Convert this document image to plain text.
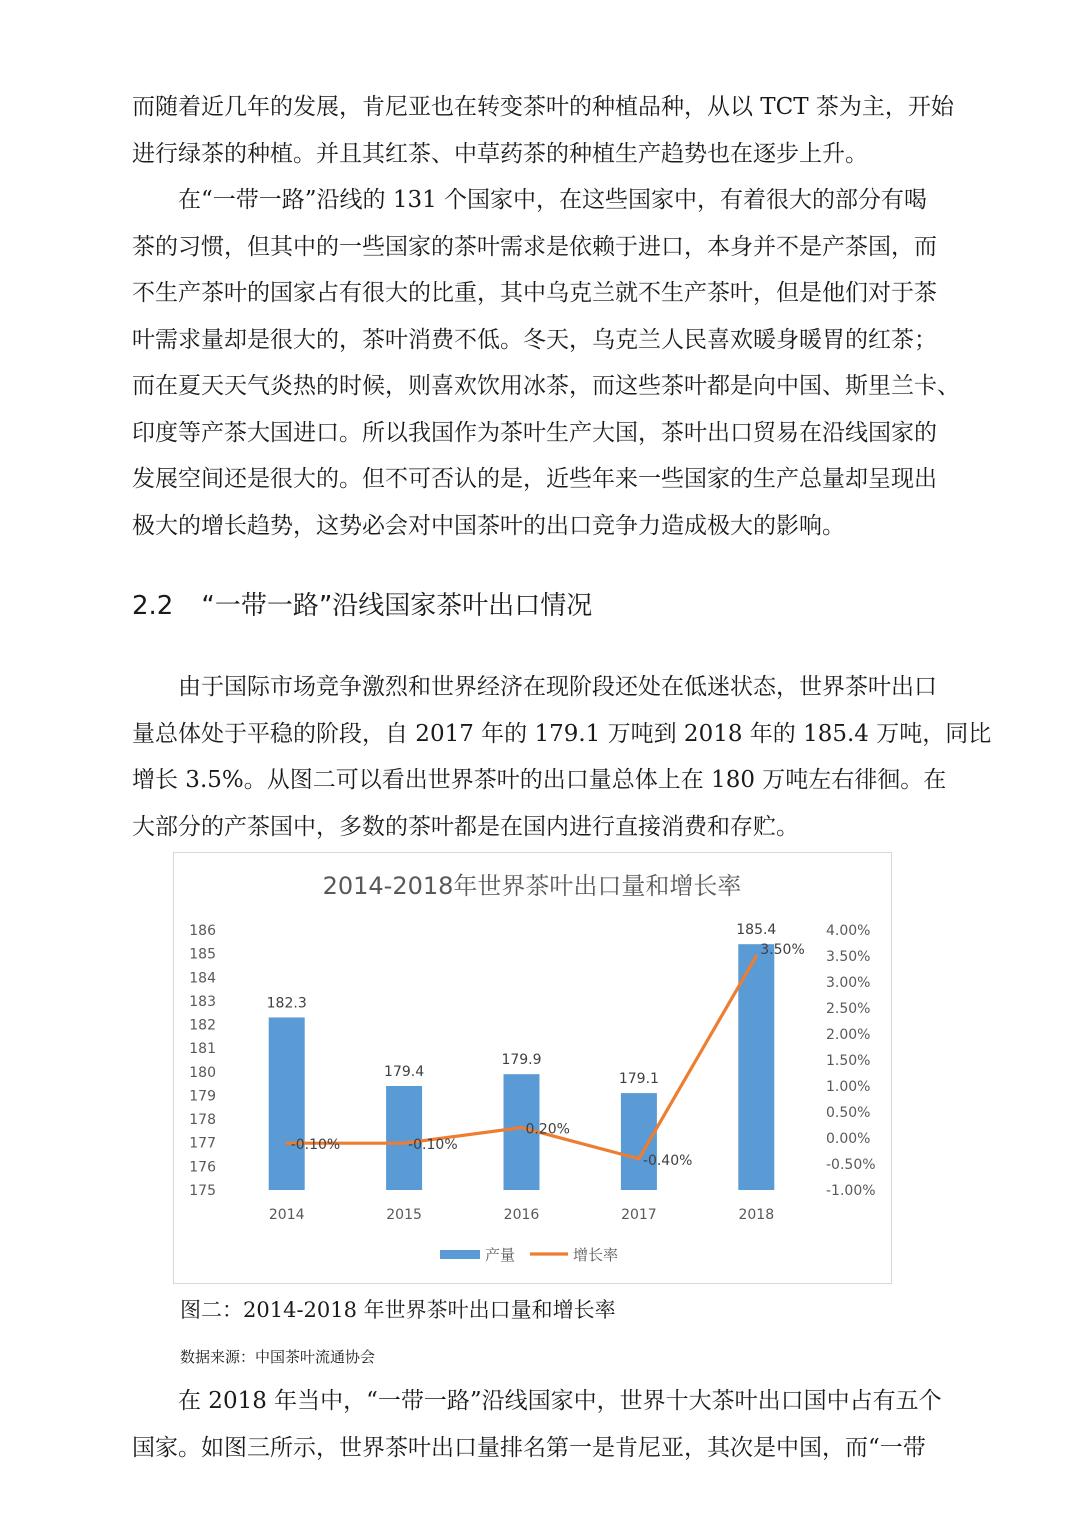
而随着近几年的发展，肯尼亚也在转变茶叶的种植品种，从以 TCT 茶为主，开始
进行绿茶的种植。并且其红茶、中草药茶的种植生产趋势也在逐步上升。
在“一带一路”沿线的 131 个国家中，在这些国家中，有着很大的部分有喝
茶的习惯，但其中的一些国家的茶叶需求是依赖于进口，本身并不是产茶国，而
不生产茶叶的国家占有很大的比重，其中乌克兰就不生产茶叶，但是他们对于茶
叶需求量却是很大的，茶叶消费不低。冬天，乌克兰人民喜欢暖身暖胃的红茶；
而在夏天天气炎热的时候，则喜欢饮用冰茶，而这些茶叶都是向中国、斯里兰卡、
印度等产茶大国进口。所以我国作为茶叶生产大国，茶叶出口贸易在沿线国家的
发展空间还是很大的。但不可否认的是，近些年来一些国家的生产总量却呈现出
极大的增长趋势，这势必会对中国茶叶的出口竞争力造成极大的影响。
2.2 “一带一路”沿线国家茶叶出口情况
由于国际市场竞争激烈和世界经济在现阶段还处在低迷状态，世界茶叶出口
量总体处于平稳的阶段，自 2017 年的 179.1 万吨到 2018 年的 185.4 万吨，同比
增长 3.5%。从图二可以看出世界茶叶的出口量总体上在 180 万吨左右徘徊。在
大部分的产茶国中，多数的茶叶都是在国内进行直接消费和存贮。
2014-2018年世界茶叶出口量和增长率
175
176
177
178
179
180
181
182
183
184
185
186
-1.00%
-0.50%
0.00%
0.50%
1.00%
1.50%
2.00%
2.50%
3.00%
3.50%
4.00%
182.3
2014
179.4
2015
179.9
2016
179.1
2017
185.4
2018
-0.10%	-0.10%
0.20%
-0.40%
3.50%
产量	增长率

图二：2014-2018 年世界茶叶出口量和增长率

数据来源：中国茶叶流通协会

在 2018 年当中，“一带一路”沿线国家中，世界十大茶叶出口国中占有五个
国家。如图三所示，世界茶叶出口量排名第一是肯尼亚，其次是中国，而“一带
